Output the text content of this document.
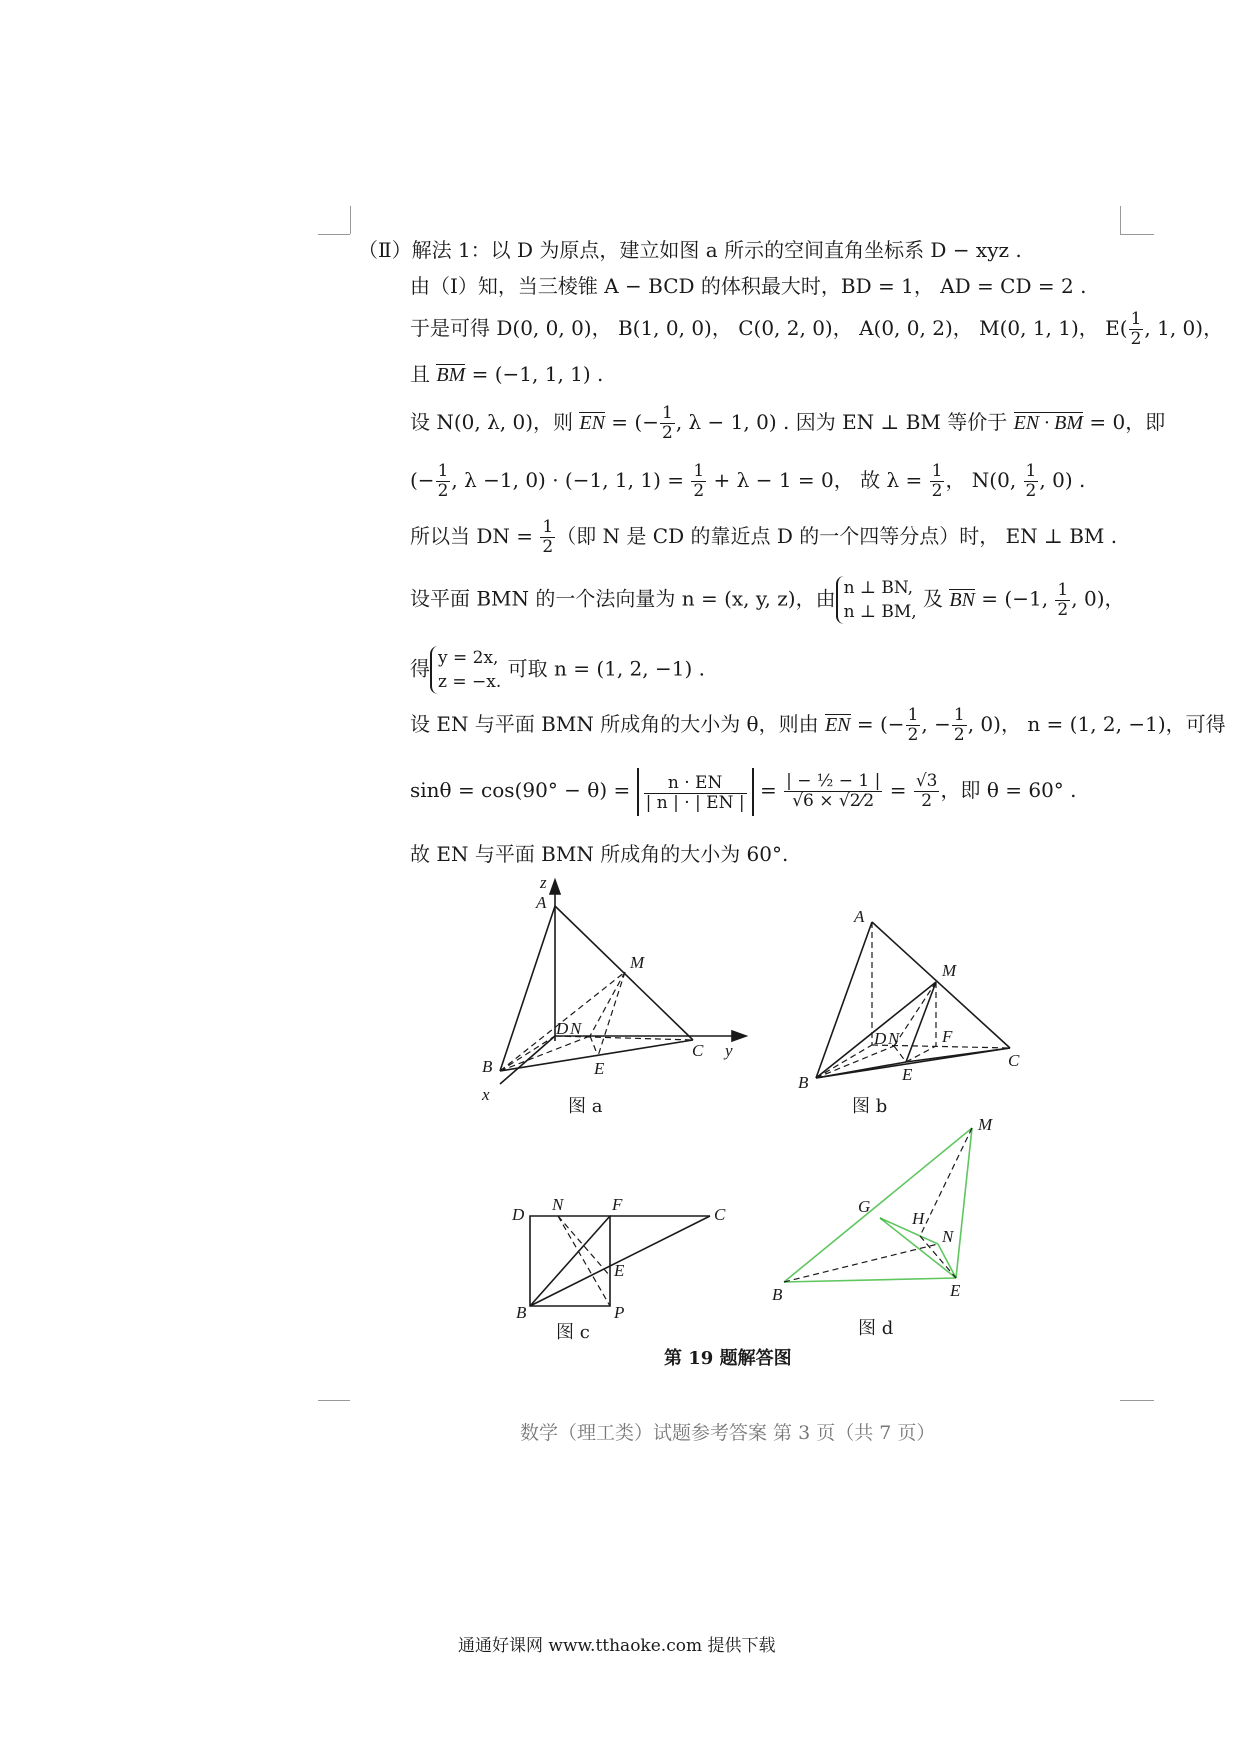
（Ⅱ）解法 1：以 D 为原点，建立如图 a 所示的空间直角坐标系 D − xyz .
由（Ⅰ）知，当三棱锥 A − BCD 的体积最大时，BD = 1， AD = CD = 2 .
于是可得 D(0, 0, 0)， B(1, 0, 0)， C(0, 2, 0)， A(0, 0, 2)， M(0, 1, 1)， $E( \frac{1}{2}$ , 1, 0)，
且 BM = (−1, 1, 1) .
设 N(0, λ, 0)，则 EN = (− $\frac{1}{2}$ , λ − 1, 0) . 因为 EN ⊥ BM 等价于 EN · BM = 0，即
(− $\frac{1}{2}$ , λ −1, 0) · (−1, 1, $1) = \frac{1}{2} + \lambda - 1 = 0$， 故 $\lambda = \frac{1}{2}$ ， N(0, $\frac{1}{2}$ , 0) .
所以当 DN = $\frac{1}{2}$ （即 N 是 CD 的靠近点 D 的一个四等分点）时， EN ⊥ BM .
设平面 BMN 的一个法向量为 n = (x, y, z)，由 n ⊥ BN,
n ⊥ BM,
及 BN = (−1, $\frac{1}{2}$ , 0)，
得 y = 2x,
z = −x.
可取 n = (1, 2, −1) .
设 EN 与平面 BMN 所成角的大小为 θ，则由 EN = (− $\frac{1}{2}$ , − $\frac{1}{2}$ , 0)， n = (1, 2, −1)，可得
$\sin\theta = \cos(90^\circ - \theta) = \frac{n \cdot EN}{| n | \cdot | EN |} = \frac{\text{| − ½ − 1 |}}{√6 \times √2⁄2} = \frac{√3}{2}$ ，即 θ = 60° .
故 EN 与平面 BMN 所成角的大小为 60°.
z
A
M
D N
B	E
C y
x
图 a
A
M
D N	F
B	E
C
图 b
D
N	F
C
E
B	P
图 c
M
G
H
N
B	E
图 d
第 19 题解答图
数学（理工类）试题参考答案 第 3 页（共 7 页）
通通好课网 www.tthaoke.com 提供下载
